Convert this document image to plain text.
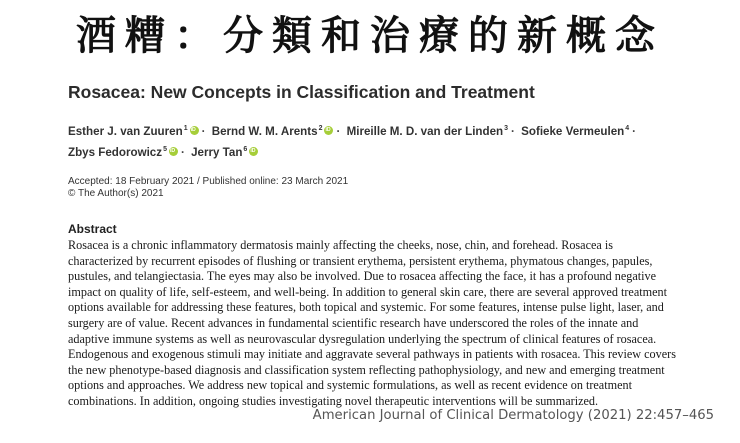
酒糟：分類和治療的新概念
Rosacea: New Concepts in Classification and Treatment
Esther J. van Zuuren$^1$ iD · Bernd W. M. Arents$^2$ iD · Mireille M. D. van der Linden$^3$ · Sofieke Vermeulen$^4$ ·
Zbys Fedorowicz$^5$ iD · Jerry Tan$^6$iD
Accepted: 18 February 2021 / Published online: 23 March 2021
© The Author(s) 2021
Abstract

Rosacea is a chronic inflammatory dermatosis mainly affecting the cheeks, nose, chin, and forehead. Rosacea is characterized by recurrent episodes of flushing or transient erythema, persistent erythema, phymatous changes, papules, pustules, and telangiectasia. The eyes may also be involved. Due to rosacea affecting the face, it has a profound negative impact on quality of life, self-esteem, and well-being. In addition to general skin care, there are several approved treatment options available for addressing these features, both topical and systemic. For some features, intense pulse light, laser, and surgery are of value. Recent advances in fundamental scientific research have underscored the roles of the innate and adaptive immune systems as well as neurovascular dysregulation underlying the spectrum of clinical features of rosacea. Endogenous and exogenous stimuli may initiate and aggravate several pathways in patients with rosacea. This review covers the new phenotype-based diagnosis and classification system reflecting pathophysiology, and new and emerging treatment options and approaches. We address new topical and systemic formulations, as well as recent evidence on treatment combinations. In addition, ongoing studies investigating novel therapeutic interventions will be summarized.

American Journal of Clinical Dermatology (2021) 22:457–465
